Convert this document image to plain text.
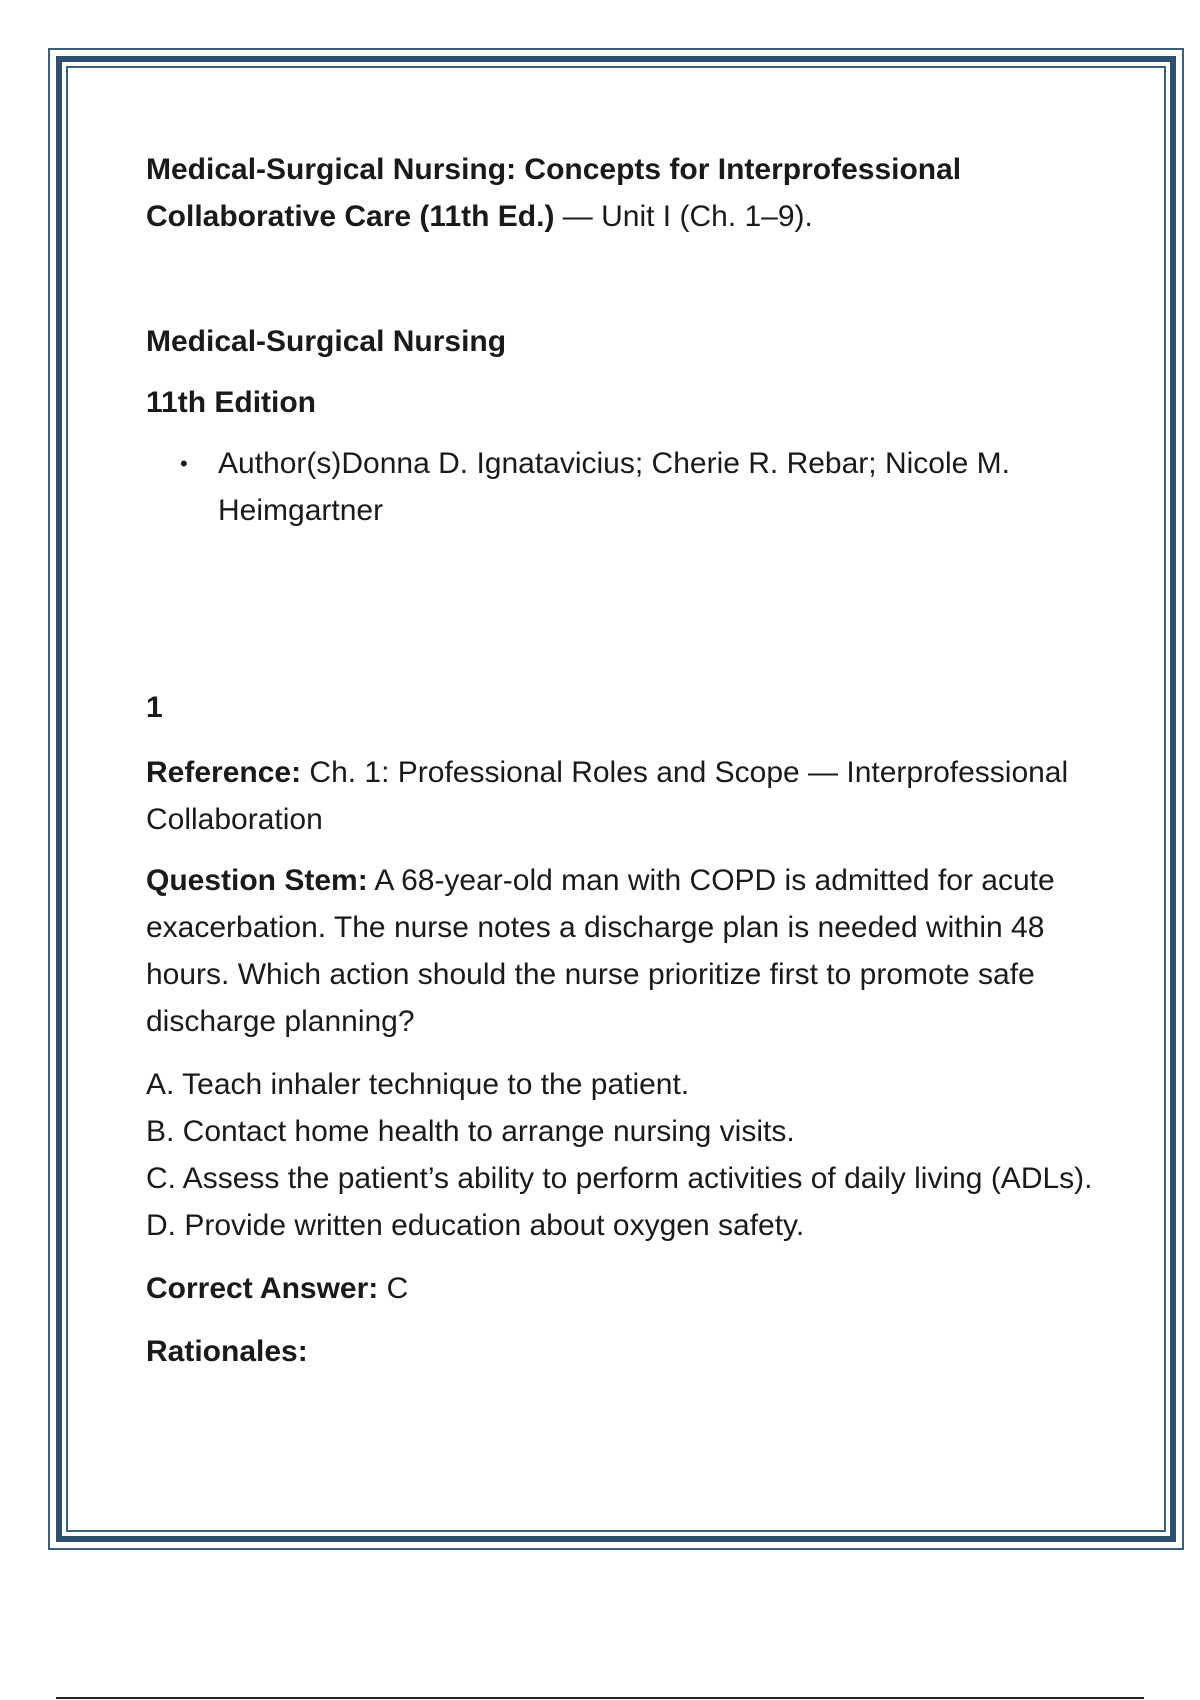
Medical-Surgical Nursing: Concepts for Interprofessional Collaborative Care (11th Ed.) — Unit I (Ch. 1–9).

Medical-Surgical Nursing

11th Edition

• Author(s)Donna D. Ignatavicius; Cherie R. Rebar; Nicole M. Heimgartner

1

Reference: Ch. 1: Professional Roles and Scope — Interprofessional Collaboration

Question Stem: A 68-year-old man with COPD is admitted for acute exacerbation. The nurse notes a discharge plan is needed within 48 hours. Which action should the nurse prioritize first to promote safe discharge planning?

A. Teach inhaler technique to the patient.
B. Contact home health to arrange nursing visits.
C. Assess the patient’s ability to perform activities of daily living (ADLs).
D. Provide written education about oxygen safety.

Correct Answer: C

Rationales:
